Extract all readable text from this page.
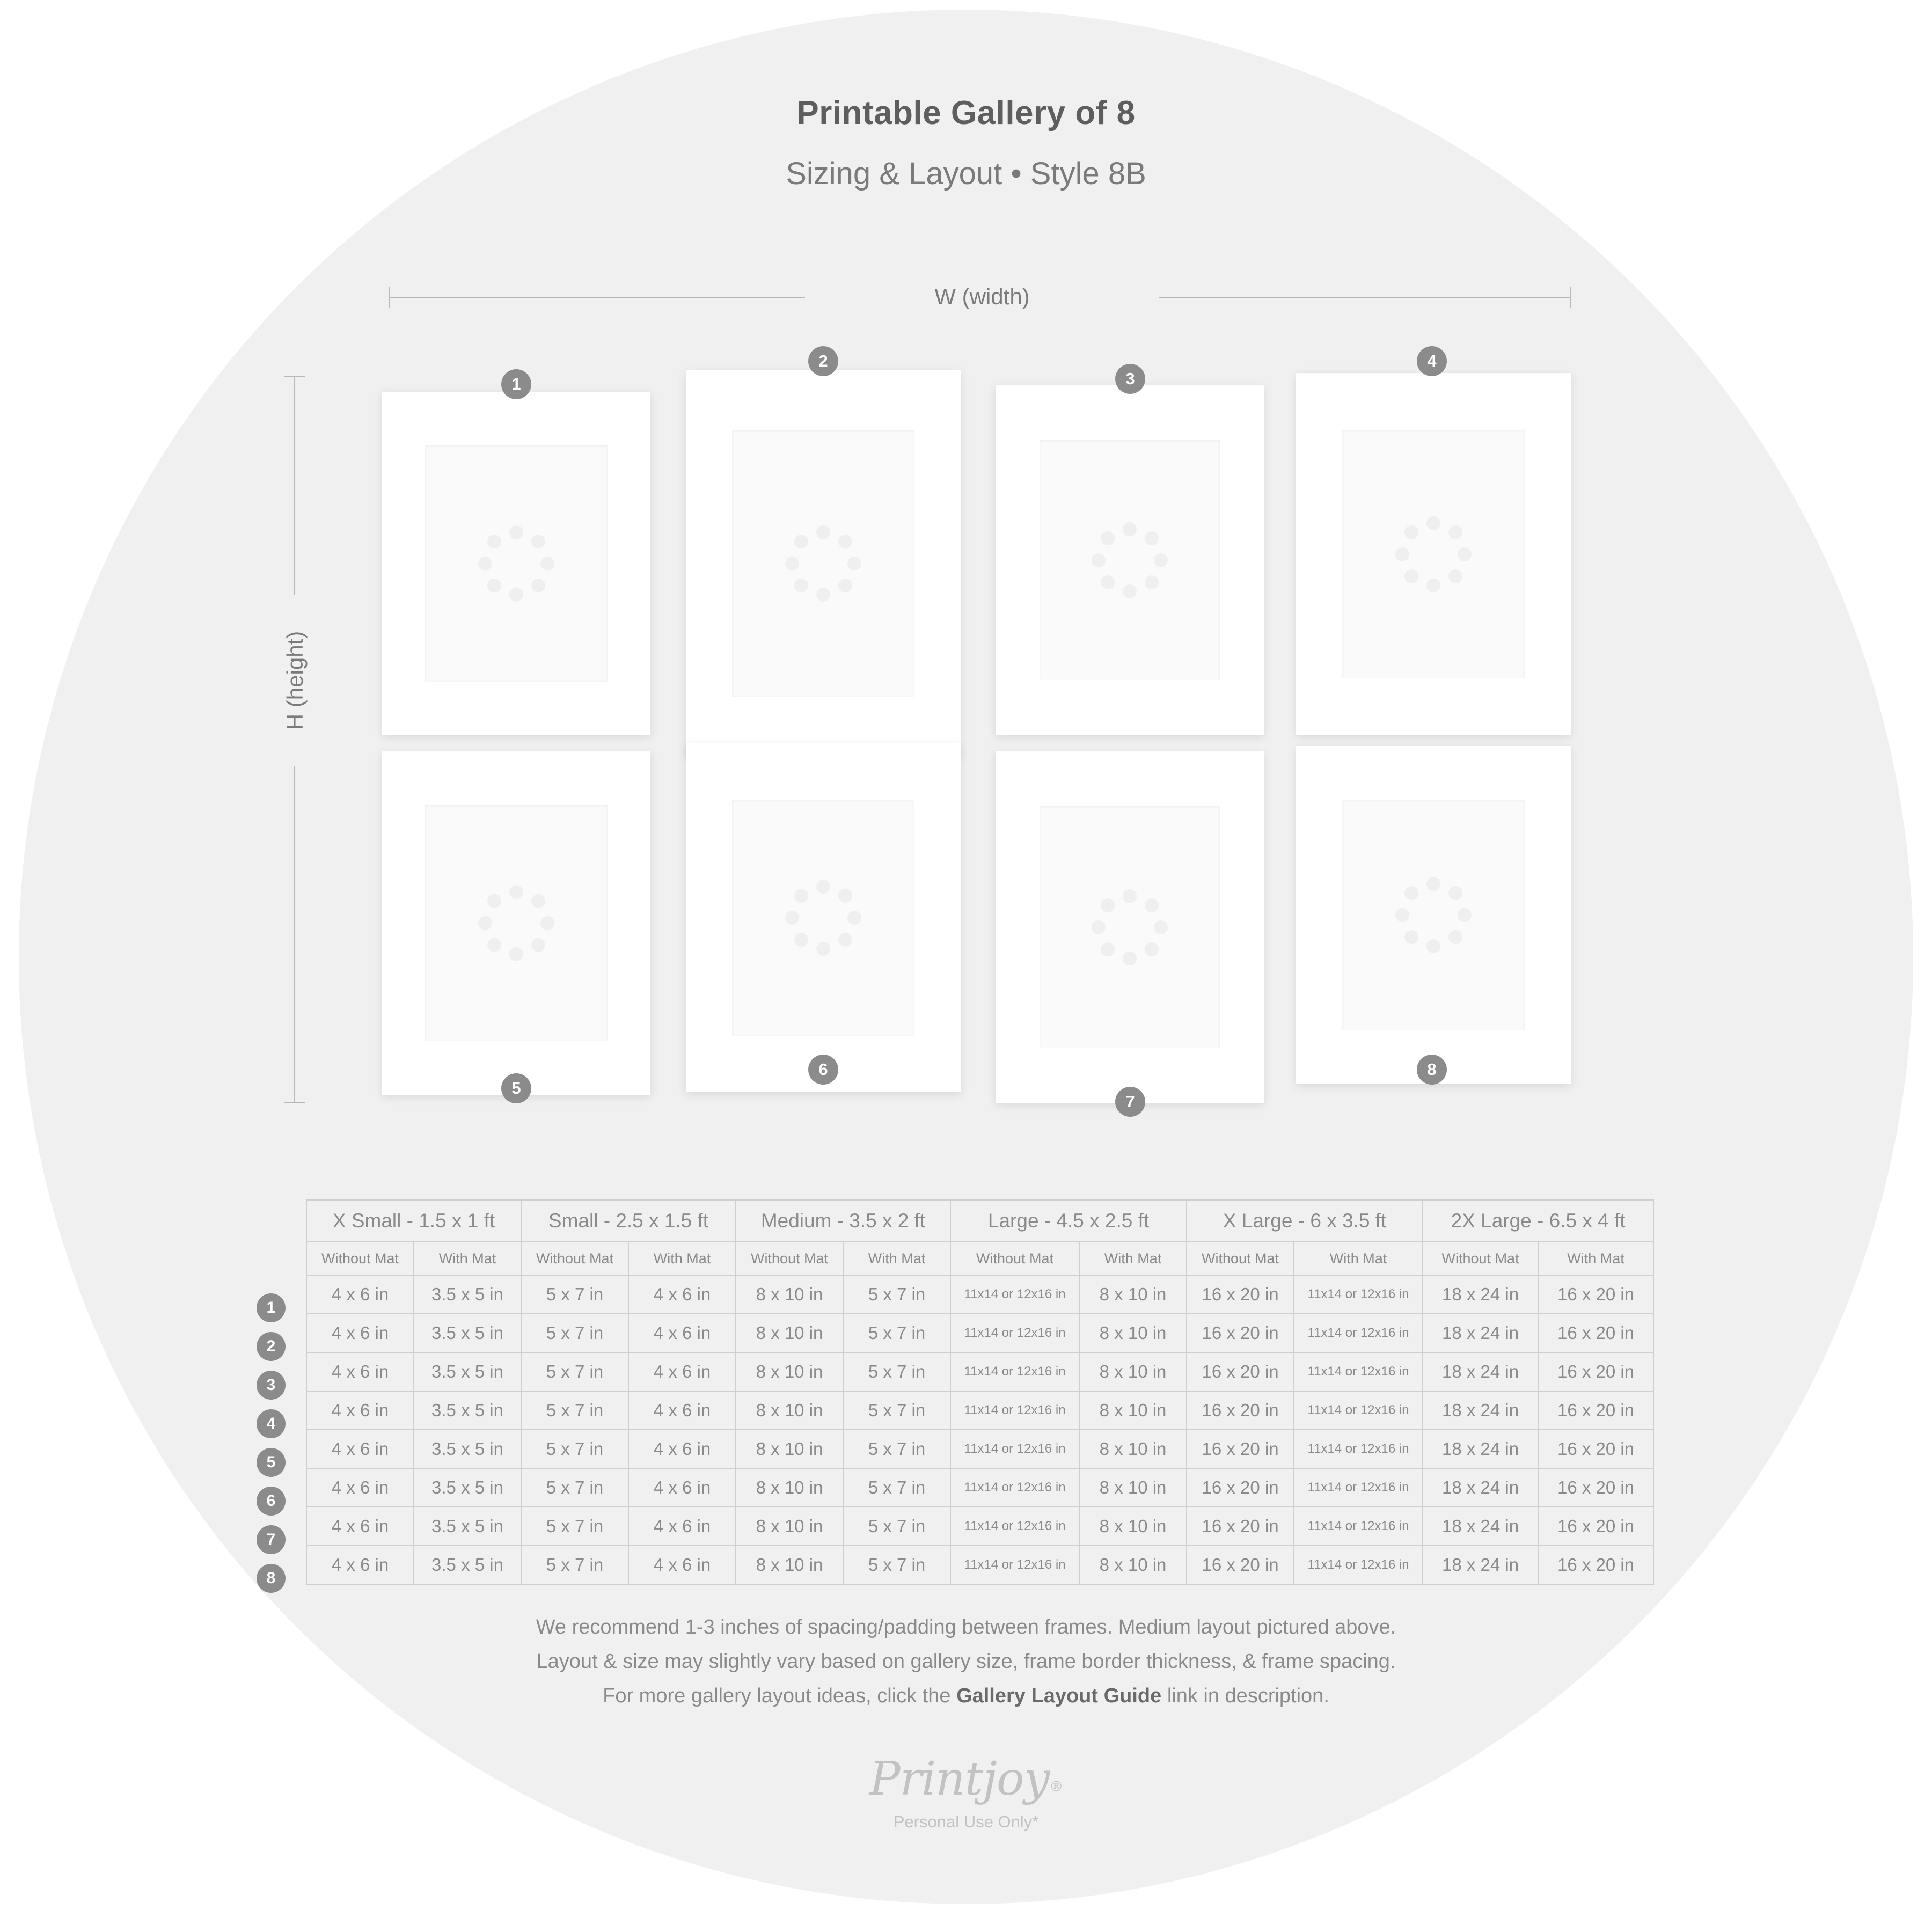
Printable Gallery of 8
Sizing & Layout • Style 8B
W (width)
H (height)
1
2
3
4
5
6
7
8
1
2
3
4
5
6
7
8
X Small - 1.5 x 1 ft		Small - 2.5 x 1.5 ft		Medium - 3.5 x 2 ft		Large - 4.5 x 2.5 ft		X Large - 6 x 3.5 ft		2X Large - 6.5 x 4 ft	
Without Mat	With Mat	Without Mat	With Mat	Without Mat	With Mat	Without Mat	With Mat	Without Mat	With Mat	Without Mat	With Mat
4 x 6 in	3.5 x 5 in	5 x 7 in	4 x 6 in	8 x 10 in	5 x 7 in	11x14 or 12x16 in	8 x 10 in	16 x 20 in	11x14 or 12x16 in	18 x 24 in	16 x 20 in
4 x 6 in	3.5 x 5 in	5 x 7 in	4 x 6 in	8 x 10 in	5 x 7 in	11x14 or 12x16 in	8 x 10 in	16 x 20 in	11x14 or 12x16 in	18 x 24 in	16 x 20 in
4 x 6 in	3.5 x 5 in	5 x 7 in	4 x 6 in	8 x 10 in	5 x 7 in	11x14 or 12x16 in	8 x 10 in	16 x 20 in	11x14 or 12x16 in	18 x 24 in	16 x 20 in
4 x 6 in	3.5 x 5 in	5 x 7 in	4 x 6 in	8 x 10 in	5 x 7 in	11x14 or 12x16 in	8 x 10 in	16 x 20 in	11x14 or 12x16 in	18 x 24 in	16 x 20 in
4 x 6 in	3.5 x 5 in	5 x 7 in	4 x 6 in	8 x 10 in	5 x 7 in	11x14 or 12x16 in	8 x 10 in	16 x 20 in	11x14 or 12x16 in	18 x 24 in	16 x 20 in
4 x 6 in	3.5 x 5 in	5 x 7 in	4 x 6 in	8 x 10 in	5 x 7 in	11x14 or 12x16 in	8 x 10 in	16 x 20 in	11x14 or 12x16 in	18 x 24 in	16 x 20 in
4 x 6 in	3.5 x 5 in	5 x 7 in	4 x 6 in	8 x 10 in	5 x 7 in	11x14 or 12x16 in	8 x 10 in	16 x 20 in	11x14 or 12x16 in	18 x 24 in	16 x 20 in
4 x 6 in	3.5 x 5 in	5 x 7 in	4 x 6 in	8 x 10 in	5 x 7 in	11x14 or 12x16 in	8 x 10 in	16 x 20 in	11x14 or 12x16 in	18 x 24 in	16 x 20 in
We recommend 1-3 inches of spacing/padding between frames. Medium layout pictured above.
Layout & size may slightly vary based on gallery size, frame border thickness, & frame spacing.
For more gallery layout ideas, click the Gallery Layout Guide link in description.
Printjoy®
Personal Use Only*
